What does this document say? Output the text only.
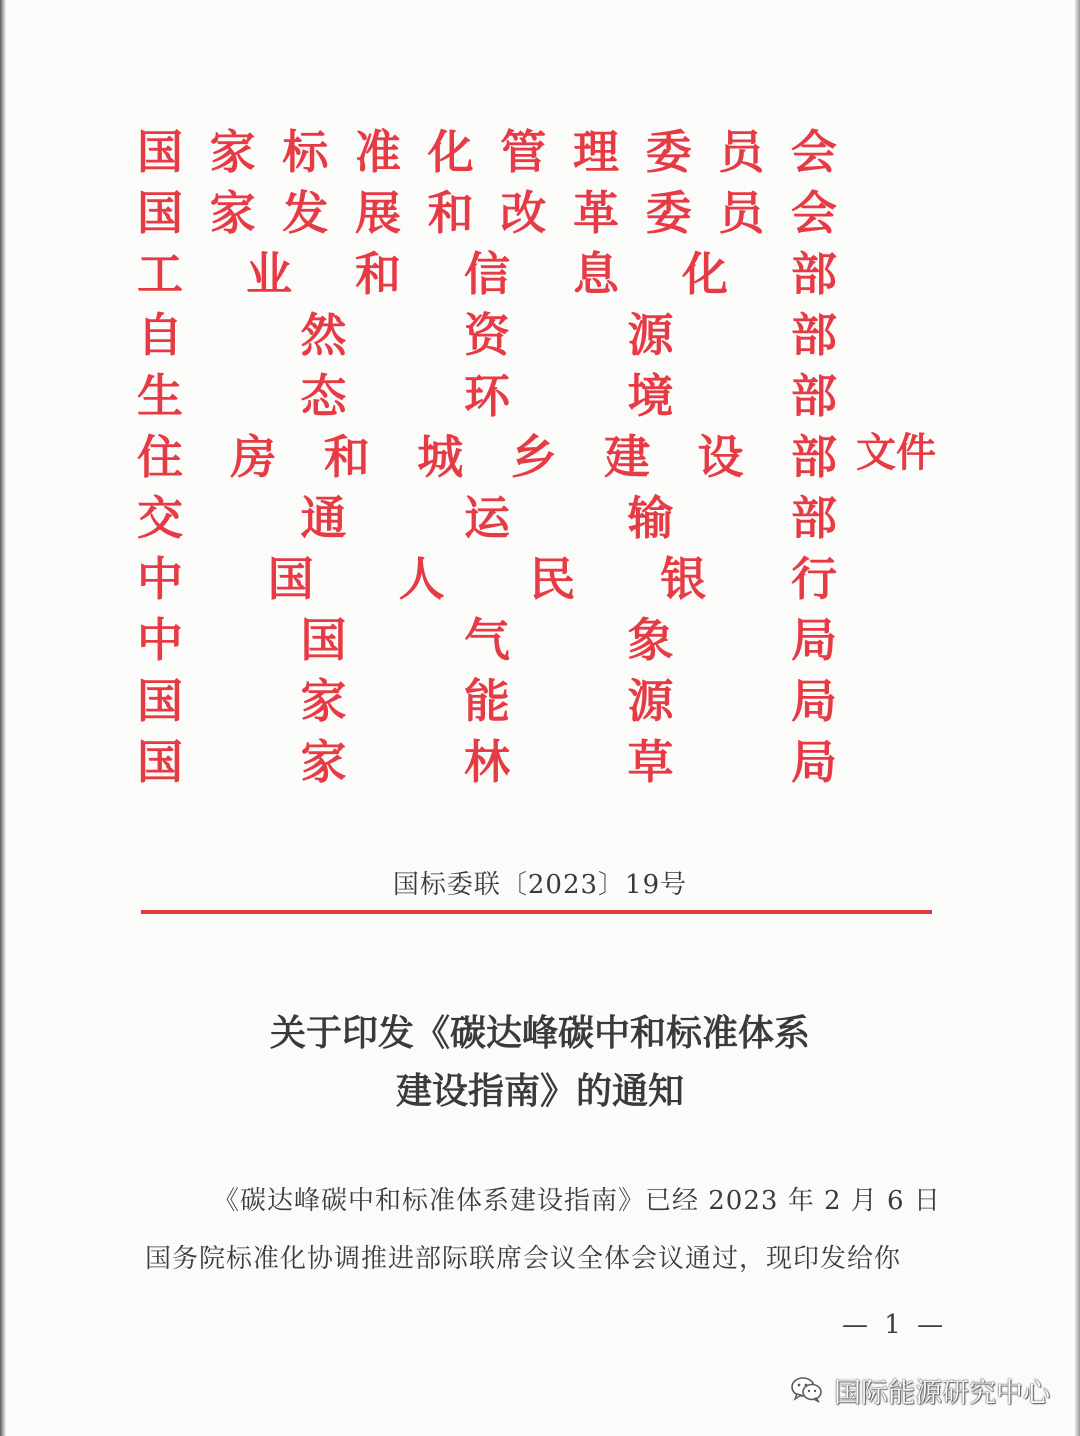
国 家 标 准 化 管 理 委 员 会
国 家 发 展 和 改 革 委 员 会
工 业 和 信 息 化 部
自	然	资	源	部
生	态	环	境	部
住 房 和 城 乡 建 设 部
交	通	运	输	部
中 国 人 民 银 行
中	国	气	象	局
国	家	能	源	局
国	家	林	草	局
文件
国标委联〔2023〕19号
关于印发《碳达峰碳中和标准体系
建设指南》的通知
《碳达峰碳中和标准体系建设指南》已经 2023 年 2 月 6 日
国务院标准化协调推进部际联席会议全体会议通过，现印发给你
— 1 —
国际能源研究中心
